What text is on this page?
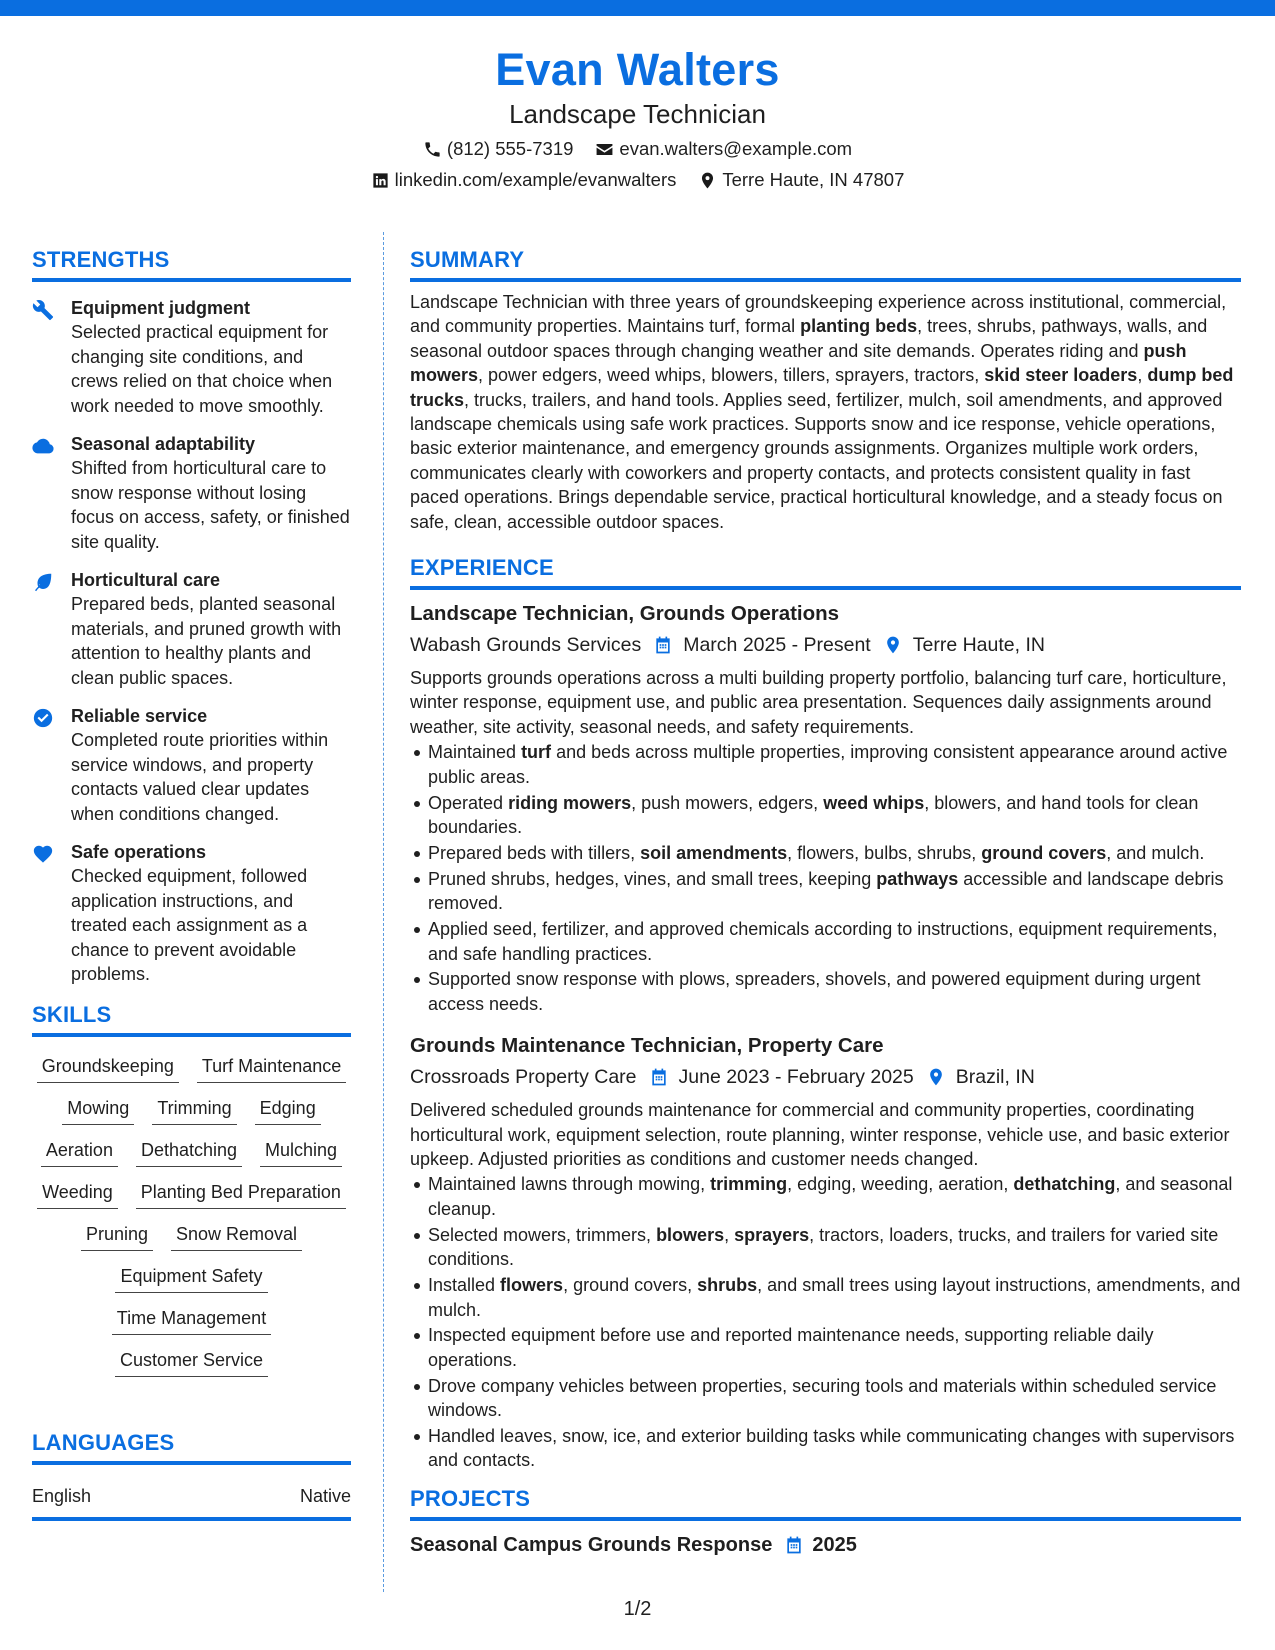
Evan Walters
Landscape Technician
(812) 555-7319 evan.walters@example.com
linkedin.com/example/evanwalters Terre Haute, IN 47807
STRENGTHS
Equipment judgment
Selected practical equipment for changing site conditions, and crews relied on that choice when work needed to move smoothly.
Seasonal adaptability
Shifted from horticultural care to snow response without losing focus on access, safety, or finished site quality.
Horticultural care
Prepared beds, planted seasonal materials, and pruned growth with attention to healthy plants and clean public spaces.
Reliable service
Completed route priorities within service windows, and property contacts valued clear updates when conditions changed.
Safe operations
Checked equipment, followed application instructions, and treated each assignment as a chance to prevent avoidable problems.
SKILLS
Groundskeeping Turf Maintenance
Mowing Trimming Edging
Aeration Dethatching Mulching
Weeding Planting Bed Preparation
Pruning Snow Removal
Equipment Safety
Time Management
Customer Service
LANGUAGES
English	Native
SUMMARY

Landscape Technician with three years of groundskeeping experience across institutional, commercial, and community properties. Maintains turf, formal planting beds, trees, shrubs, pathways, walls, and seasonal outdoor spaces through changing weather and site demands. Operates riding and push mowers, power edgers, weed whips, blowers, tillers, sprayers, tractors, skid steer loaders, dump bed trucks, trucks, trailers, and hand tools. Applies seed, fertilizer, mulch, soil amendments, and approved landscape chemicals using safe work practices. Supports snow and ice response, vehicle operations, basic exterior maintenance, and emergency grounds assignments. Organizes multiple work orders, communicates clearly with coworkers and property contacts, and protects consistent quality in fast paced operations. Brings dependable service, practical horticultural knowledge, and a steady focus on safe, clean, accessible outdoor spaces.

EXPERIENCE
Landscape Technician, Grounds Operations
Wabash Grounds Services March 2025 - Present Terre Haute, IN

Supports grounds operations across a multi building property portfolio, balancing turf care, horticulture, winter response, equipment use, and public area presentation. Sequences daily assignments around weather, site activity, seasonal needs, and safety requirements.

Maintained turf and beds across multiple properties, improving consistent appearance around active public areas.
Operated riding mowers, push mowers, edgers, weed whips, blowers, and hand tools for clean boundaries.
Prepared beds with tillers, soil amendments, flowers, bulbs, shrubs, ground covers, and mulch.
Pruned shrubs, hedges, vines, and small trees, keeping pathways accessible and landscape debris removed.
Applied seed, fertilizer, and approved chemicals according to instructions, equipment requirements, and safe handling practices.
Supported snow response with plows, spreaders, shovels, and powered equipment during urgent access needs.
Grounds Maintenance Technician, Property Care
Crossroads Property Care June 2023 - February 2025 Brazil, IN

Delivered scheduled grounds maintenance for commercial and community properties, coordinating horticultural work, equipment selection, route planning, winter response, vehicle use, and basic exterior upkeep. Adjusted priorities as conditions and customer needs changed.

Maintained lawns through mowing, trimming, edging, weeding, aeration, dethatching, and seasonal cleanup.
Selected mowers, trimmers, blowers, sprayers, tractors, loaders, trucks, and trailers for varied site conditions.
Installed flowers, ground covers, shrubs, and small trees using layout instructions, amendments, and mulch.
Inspected equipment before use and reported maintenance needs, supporting reliable daily operations.
Drove company vehicles between properties, securing tools and materials within scheduled service windows.
Handled leaves, snow, ice, and exterior building tasks while communicating changes with supervisors and contacts.
PROJECTS
Seasonal Campus Grounds Response 2025
1/2
